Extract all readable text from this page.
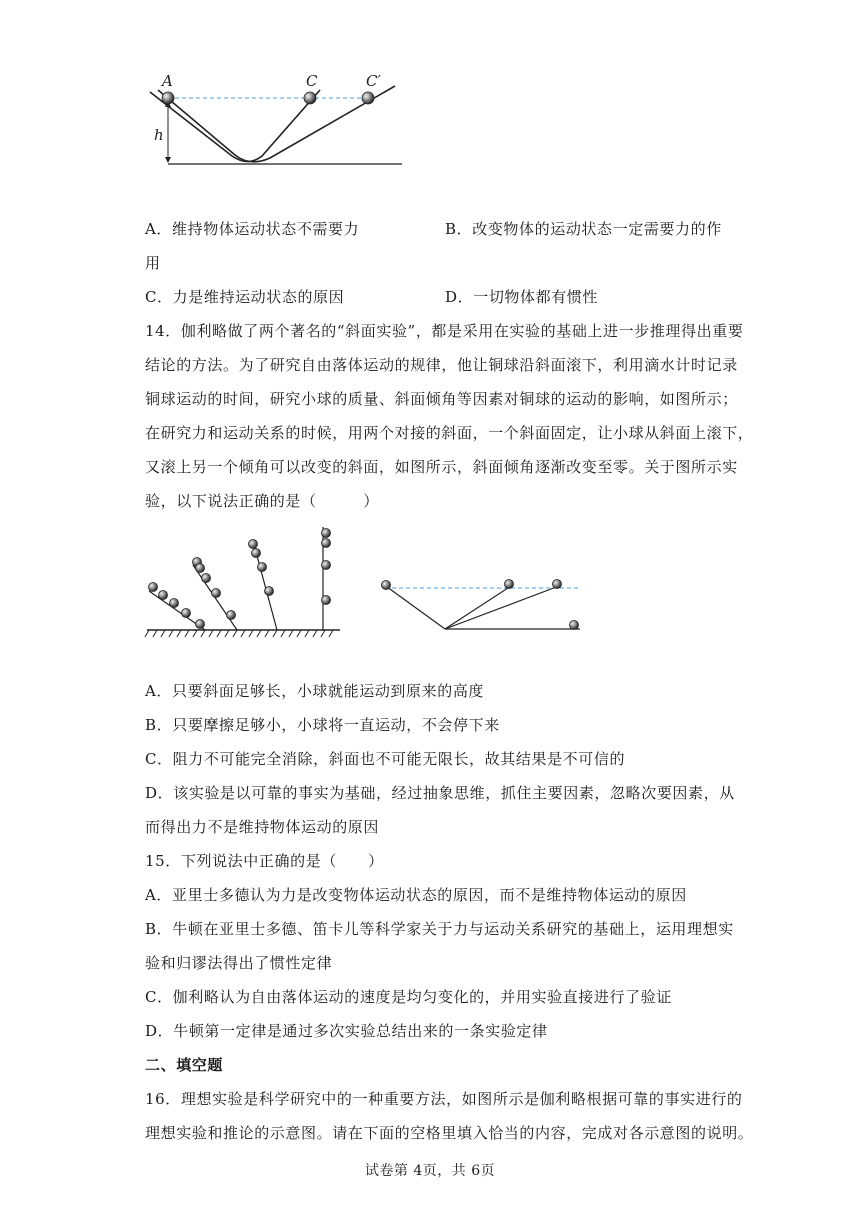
A	C	C′
h
A．维持物体运动状态不需要力	B．改变物体的运动状态一定需要力的作
用
C．力是维持运动状态的原因	D．一切物体都有惯性
14．伽利略做了两个著名的“斜面实验”，都是采用在实验的基础上进一步推理得出重要
结论的方法。为了研究自由落体运动的规律，他让铜球沿斜面滚下，利用滴水计时记录
铜球运动的时间，研究小球的质量、斜面倾角等因素对铜球的运动的影响，如图所示；
在研究力和运动关系的时候，用两个对接的斜面，一个斜面固定，让小球从斜面上滚下，
又滚上另一个倾角可以改变的斜面，如图所示，斜面倾角逐渐改变至零。关于图所示实
验，以下说法正确的是（　　　）
A．只要斜面足够长，小球就能运动到原来的高度
B．只要摩擦足够小，小球将一直运动，不会停下来
C．阻力不可能完全消除，斜面也不可能无限长，故其结果是不可信的
D．该实验是以可靠的事实为基础，经过抽象思维，抓住主要因素，忽略次要因素，从
而得出力不是维持物体运动的原因
15．下列说法中正确的是（　　）
A．亚里士多德认为力是改变物体运动状态的原因，而不是维持物体运动的原因
B．牛顿在亚里士多德、笛卡儿等科学家关于力与运动关系研究的基础上，运用理想实
验和归谬法得出了惯性定律
C．伽利略认为自由落体运动的速度是均匀变化的，并用实验直接进行了验证
D．牛顿第一定律是通过多次实验总结出来的一条实验定律
二、填空题
16．理想实验是科学研究中的一种重要方法，如图所示是伽利略根据可靠的事实进行的
理想实验和推论的示意图。请在下面的空格里填入恰当的内容，完成对各示意图的说明。
试卷第 4页，共 6页
